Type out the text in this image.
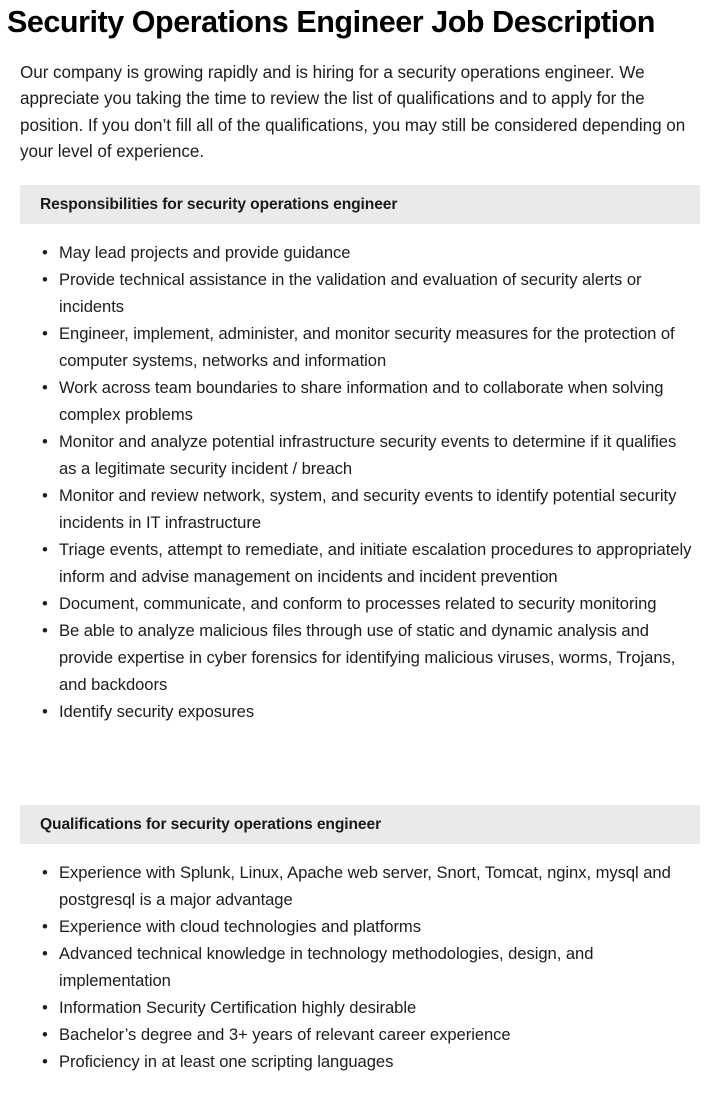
Security Operations Engineer Job Description

Our company is growing rapidly and is hiring for a security operations engineer. We appreciate you taking the time to review the list of qualifications and to apply for the position. If you don’t fill all of the qualifications, you may still be considered depending on your level of experience.

Responsibilities for security operations engineer
• May lead projects and provide guidance
• Provide technical assistance in the validation and evaluation of security alerts or incidents
• Engineer, implement, administer, and monitor security measures for the protection of computer systems, networks and information
• Work across team boundaries to share information and to collaborate when solving complex problems
• Monitor and analyze potential infrastructure security events to determine if it qualifies as a legitimate security incident / breach
• Monitor and review network, system, and security events to identify potential security incidents in IT infrastructure
• Triage events, attempt to remediate, and initiate escalation procedures to appropriately inform and advise management on incidents and incident prevention
• Document, communicate, and conform to processes related to security monitoring
• Be able to analyze malicious files through use of static and dynamic analysis and provide expertise in cyber forensics for identifying malicious viruses, worms, Trojans, and backdoors
• Identify security exposures
Qualifications for security operations engineer
• Experience with Splunk, Linux, Apache web server, Snort, Tomcat, nginx, mysql and postgresql is a major advantage
• Experience with cloud technologies and platforms
• Advanced technical knowledge in technology methodologies, design, and implementation
• Information Security Certification highly desirable
• Bachelor’s degree and 3+ years of relevant career experience
• Proficiency in at least one scripting languages
